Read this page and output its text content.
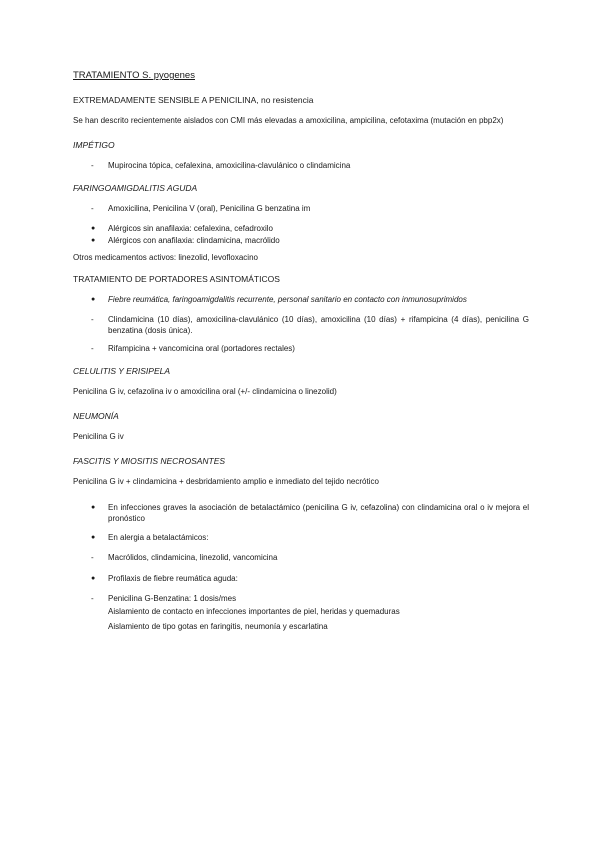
TRATAMIENTO S. pyogenes

EXTREMADAMENTE SENSIBLE A PENICILINA, no resistencia

Se han descrito recientemente aislados con CMI más elevadas a amoxicilina, ampicilina, cefotaxima (mutación en pbp2x)

IMPÉTIGO

-	Mupirocina tópica, cefalexina, amoxicilina-clavulánico o clindamicina

FARINGOAMIGDALITIS AGUDA

-	Amoxicilina, Penicilina V (oral), Penicilina G benzatina im
●	Alérgicos sin anafilaxia: cefalexina, cefadroxilo
●	Alérgicos con anafilaxia: clindamicina, macrólido

Otros medicamentos activos: linezolid, levofloxacino

TRATAMIENTO DE PORTADORES ASINTOMÁTICOS

●	Fiebre reumática, faringoamigdalitis recurrente, personal sanitario en contacto con inmunosuprimidos
-	Clindamicina (10 días), amoxicilina-clavulánico (10 días), amoxicilina (10 días) + rifampicina (4 días), penicilina G benzatina (dosis única).
-	Rifampicina + vancomicina oral (portadores rectales)

CELULITIS Y ERISIPELA

Penicilina G iv, cefazolina iv o amoxicilina oral (+/- clindamicina o linezolid)

NEUMONÍA

Penicilina G iv

FASCITIS Y MIOSITIS NECROSANTES

Penicilina G iv + clindamicina + desbridamiento amplio e inmediato del tejido necrótico

●	En infecciones graves la asociación de betalactámico (penicilina G iv, cefazolina) con clindamicina oral o iv mejora el pronóstico
●	En alergia a betalactámicos:
-	Macrólidos, clindamicina, linezolid, vancomicina
●	Profilaxis de fiebre reumática aguda:
-	Penicilina G-Benzatina: 1 dosis/mes

Aislamiento de contacto en infecciones importantes de piel, heridas y quemaduras

Aislamiento de tipo gotas en faringitis, neumonía y escarlatina
